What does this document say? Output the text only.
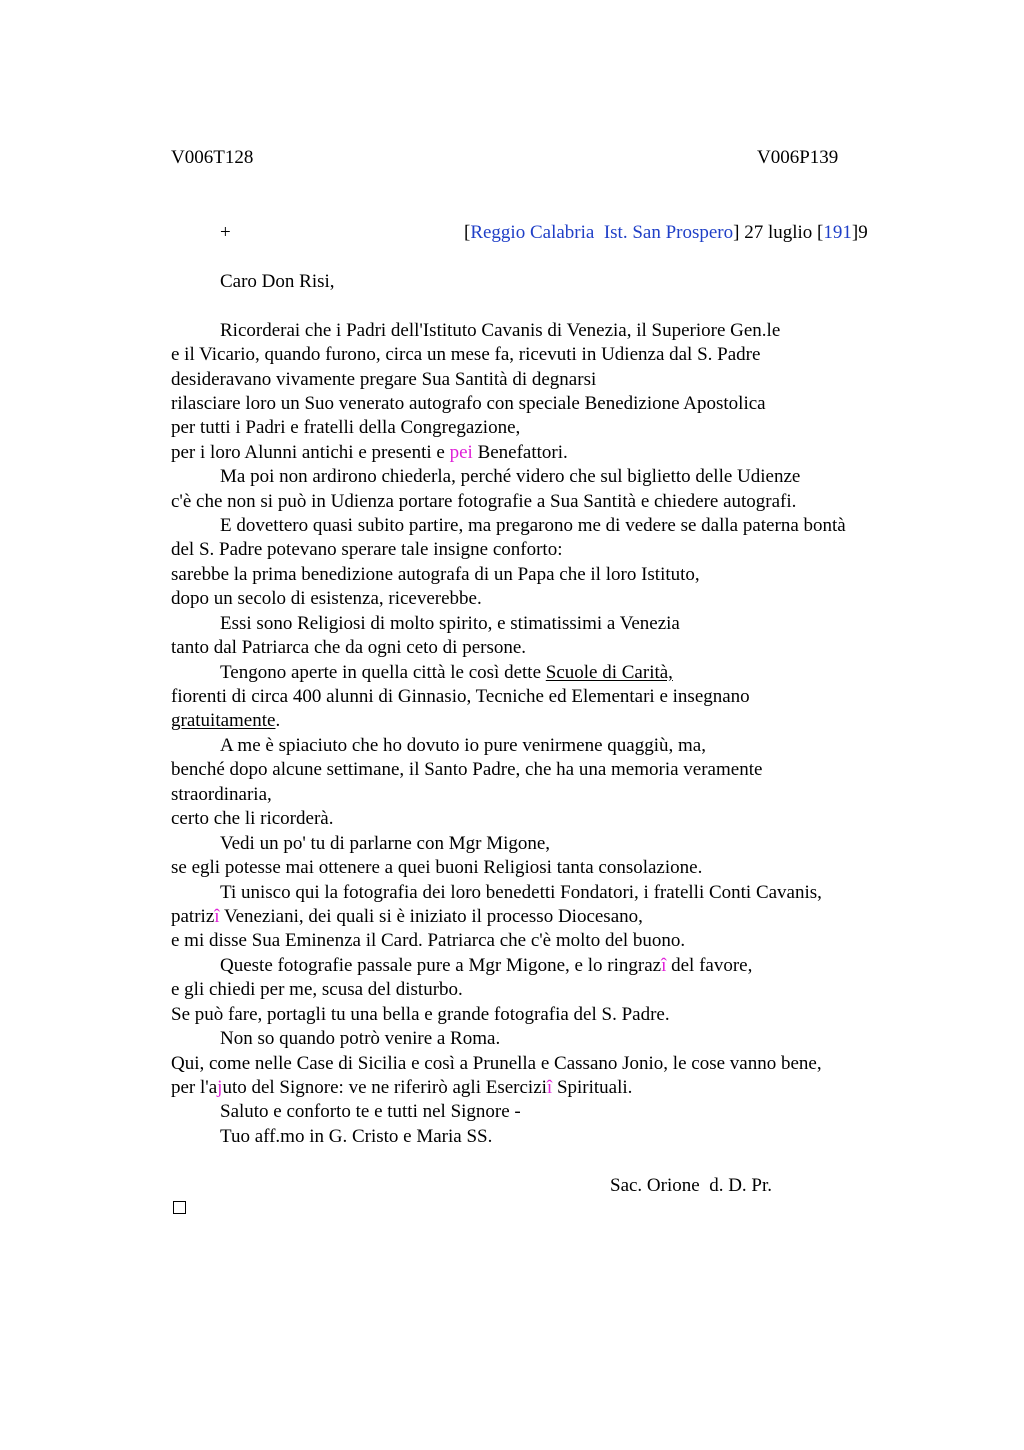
V006T128	V006P139
+	[Reggio Calabria  Ist. San Prospero] 27 luglio [191]9
Caro Don Risi,
Ricorderai che i Padri dell'Istituto Cavanis di Venezia, il Superiore Gen.le
e il Vicario, quando furono, circa un mese fa, ricevuti in Udienza dal S. Padre
desideravano vivamente pregare Sua Santità di degnarsi
rilasciare loro un Suo venerato autografo con speciale Benedizione Apostolica
per tutti i Padri e fratelli della Congregazione,
per i loro Alunni antichi e presenti e pei Benefattori.
Ma poi non ardirono chiederla, perché videro che sul biglietto delle Udienze
c'è che non si può in Udienza portare fotografie a Sua Santità e chiedere autografi.
E dovettero quasi subito partire, ma pregarono me di vedere se dalla paterna bontà
del S. Padre potevano sperare tale insigne conforto:
sarebbe la prima benedizione autografa di un Papa che il loro Istituto,
dopo un secolo di esistenza, riceverebbe.
Essi sono Religiosi di molto spirito, e stimatissimi a Venezia
tanto dal Patriarca che da ogni ceto di persone.
Tengono aperte in quella città le così dette Scuole di Carità,
fiorenti di circa 400 alunni di Ginnasio, Tecniche ed Elementari e insegnano
gratuitamente.
A me è spiaciuto che ho dovuto io pure venirmene quaggiù, ma,
benché dopo alcune settimane, il Santo Padre, che ha una memoria veramente
straordinaria,
certo che li ricorderà.
Vedi un po' tu di parlarne con Mgr Migone,
se egli potesse mai ottenere a quei buoni Religiosi tanta consolazione.
Ti unisco qui la fotografia dei loro benedetti Fondatori, i fratelli Conti Cavanis,
patrizî Veneziani, dei quali si è iniziato il processo Diocesano,
e mi disse Sua Eminenza il Card. Patriarca che c'è molto del buono.
Queste fotografie passale pure a Mgr Migone, e lo ringrazî del favore,
e gli chiedi per me, scusa del disturbo.
Se può fare, portagli tu una bella e grande fotografia del S. Padre.
Non so quando potrò venire a Roma.
Qui, come nelle Case di Sicilia e così a Prunella e Cassano Jonio, le cose vanno bene,
per l'ajuto del Signore: ve ne riferirò agli Eserciziî Spirituali.
Saluto e conforto te e tutti nel Signore -
Tuo aff.mo in G. Cristo e Maria SS.
Sac. Orione  d. D. Pr.
